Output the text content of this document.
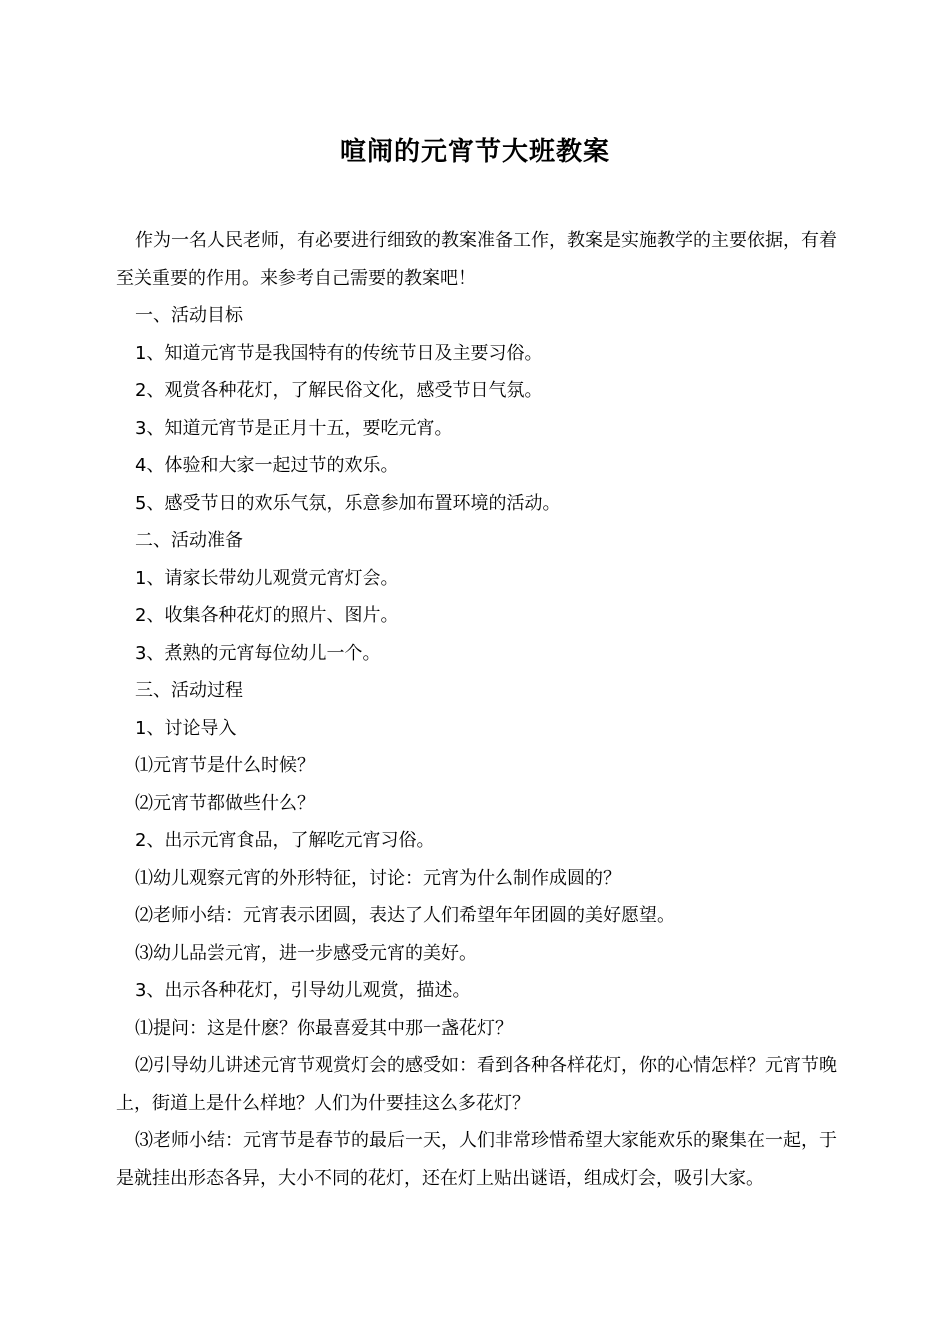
喧闹的元宵节大班教案

作为一名人民老师，有必要进行细致的教案准备工作，教案是实施教学的主要依据，有着至关重要的作用。来参考自己需要的教案吧！

一、活动目标

1、知道元宵节是我国特有的传统节日及主要习俗。

2、观赏各种花灯，了解民俗文化，感受节日气氛。

3、知道元宵节是正月十五，要吃元宵。

4、体验和大家一起过节的欢乐。

5、感受节日的欢乐气氛，乐意参加布置环境的活动。

二、活动准备

1、请家长带幼儿观赏元宵灯会。

2、收集各种花灯的照片、图片。

3、煮熟的元宵每位幼儿一个。

三、活动过程

1、讨论导入

⑴元宵节是什么时候？

⑵元宵节都做些什么？

2、出示元宵食品，了解吃元宵习俗。

⑴幼儿观察元宵的外形特征，讨论：元宵为什么制作成圆的？

⑵老师小结：元宵表示团圆，表达了人们希望年年团圆的美好愿望。

⑶幼儿品尝元宵，进一步感受元宵的美好。

3、出示各种花灯，引导幼儿观赏，描述。

⑴提问：这是什麽？你最喜爱其中那一盏花灯？

⑵引导幼儿讲述元宵节观赏灯会的感受如：看到各种各样花灯，你的心情怎样？元宵节晚上，街道上是什么样地？人们为什要挂这么多花灯？

⑶老师小结：元宵节是春节的最后一天，人们非常珍惜希望大家能欢乐的聚集在一起，于是就挂出形态各异，大小不同的花灯，还在灯上贴出谜语，组成灯会，吸引大家。
